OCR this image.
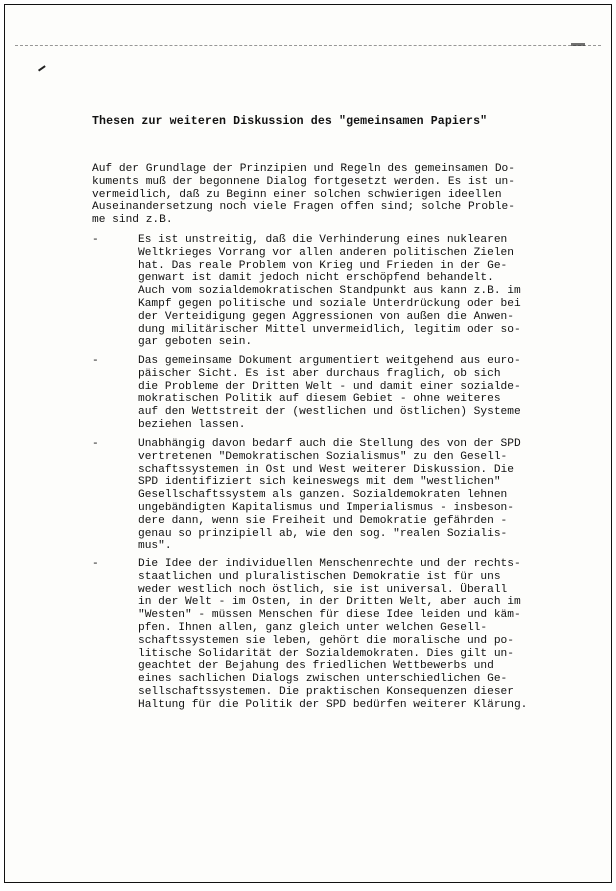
Thesen zur weiteren Diskussion des "gemeinsamen Papiers"
Auf der Grundlage der Prinzipien und Regeln des gemeinsamen Do-
kuments muß der begonnene Dialog fortgesetzt werden. Es ist un-
vermeidlich, daß zu Beginn einer solchen schwierigen ideellen
Auseinandersetzung noch viele Fragen offen sind; solche Proble-
me sind z.B.
-	Es ist unstreitig, daß die Verhinderung eines nuklearen
Weltkrieges Vorrang vor allen anderen politischen Zielen
hat. Das reale Problem von Krieg und Frieden in der Ge-
genwart ist damit jedoch nicht erschöpfend behandelt.
Auch vom sozialdemokratischen Standpunkt aus kann z.B. im
Kampf gegen politische und soziale Unterdrückung oder bei
der Verteidigung gegen Aggressionen von außen die Anwen-
dung militärischer Mittel unvermeidlich, legitim oder so-
gar geboten sein.
-	Das gemeinsame Dokument argumentiert weitgehend aus euro-
päischer Sicht. Es ist aber durchaus fraglich, ob sich
die Probleme der Dritten Welt - und damit einer sozialde-
mokratischen Politik auf diesem Gebiet - ohne weiteres
auf den Wettstreit der (westlichen und östlichen) Systeme
beziehen lassen.
-	Unabhängig davon bedarf auch die Stellung des von der SPD
vertretenen "Demokratischen Sozialismus" zu den Gesell-
schaftssystemen in Ost und West weiterer Diskussion. Die
SPD identifiziert sich keineswegs mit dem "westlichen"
Gesellschaftssystem als ganzen. Sozialdemokraten lehnen
ungebändigten Kapitalismus und Imperialismus - insbeson-
dere dann, wenn sie Freiheit und Demokratie gefährden -
genau so prinzipiell ab, wie den sog. "realen Sozialis-
mus".
-	Die Idee der individuellen Menschenrechte und der rechts-
staatlichen und pluralistischen Demokratie ist für uns
weder westlich noch östlich, sie ist universal. Überall
in der Welt - im Osten, in der Dritten Welt, aber auch im
"Westen" - müssen Menschen für diese Idee leiden und käm-
pfen. Ihnen allen, ganz gleich unter welchen Gesell-
schaftssystemen sie leben, gehört die moralische und po-
litische Solidarität der Sozialdemokraten. Dies gilt un-
geachtet der Bejahung des friedlichen Wettbewerbs und
eines sachlichen Dialogs zwischen unterschiedlichen Ge-
sellschaftssystemen. Die praktischen Konsequenzen dieser
Haltung für die Politik der SPD bedürfen weiterer Klärung.
